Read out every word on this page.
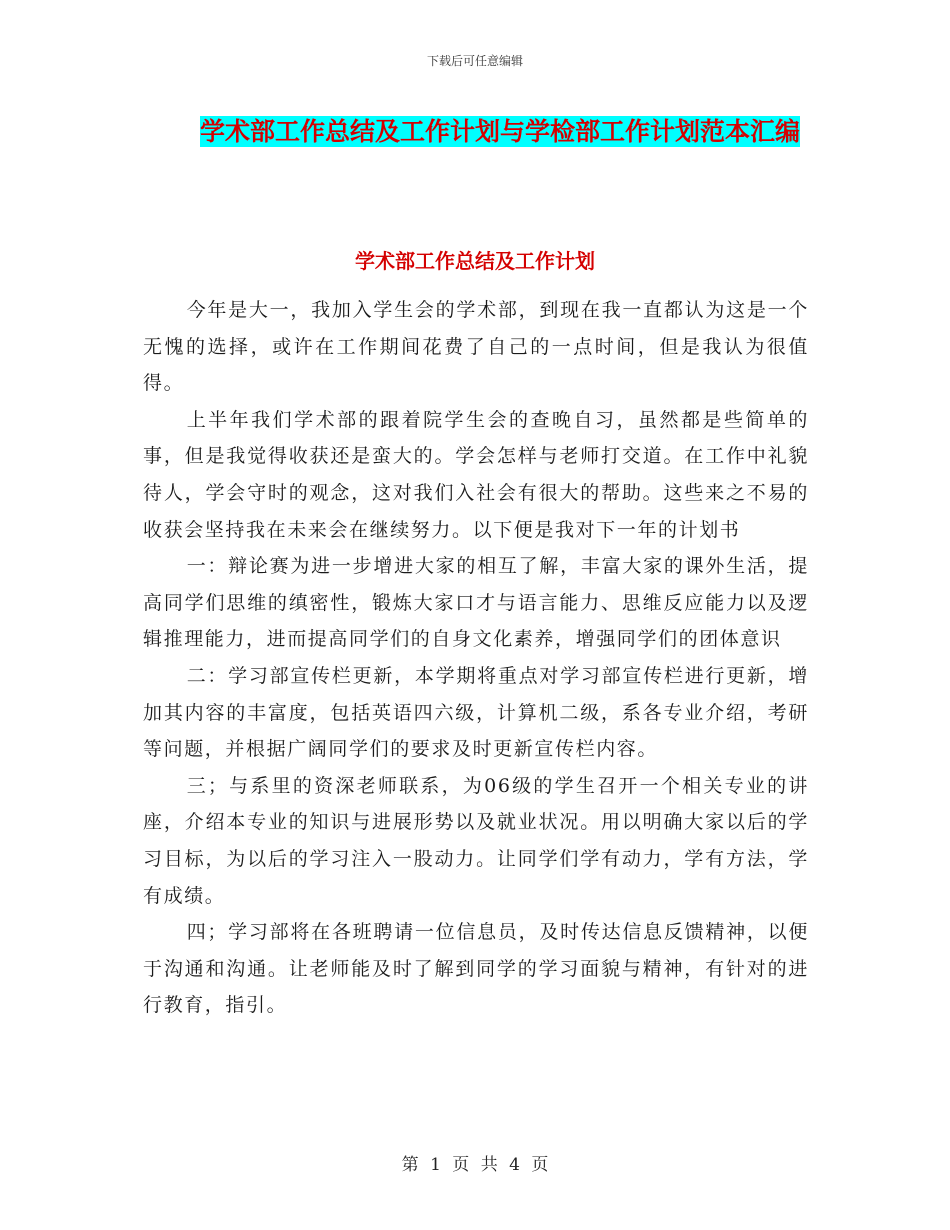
下载后可任意编辑
学术部工作总结及工作计划与学检部工作计划范本汇编
学术部工作总结及工作计划

今年是大一，我加入学生会的学术部，到现在我一直都认为这是一个无愧的选择，或许在工作期间花费了自己的一点时间，但是我认为很值得。

上半年我们学术部的跟着院学生会的查晚自习，虽然都是些简单的事，但是我觉得收获还是蛮大的。学会怎样与老师打交道。在工作中礼貌待人，学会守时的观念，这对我们入社会有很大的帮助。这些来之不易的收获会坚持我在未来会在继续努力。以下便是我对下一年的计划书

一：辩论赛为进一步增进大家的相互了解，丰富大家的课外生活，提高同学们思维的缜密性，锻炼大家口才与语言能力、思维反应能力以及逻辑推理能力，进而提高同学们的自身文化素养，增强同学们的团体意识

二：学习部宣传栏更新，本学期将重点对学习部宣传栏进行更新，增加其内容的丰富度，包括英语四六级，计算机二级，系各专业介绍，考研等问题，并根据广阔同学们的要求及时更新宣传栏内容。

三；与系里的资深老师联系，为06级的学生召开一个相关专业的讲座，介绍本专业的知识与进展形势以及就业状况。用以明确大家以后的学习目标，为以后的学习注入一股动力。让同学们学有动力，学有方法，学有成绩。

四；学习部将在各班聘请一位信息员，及时传达信息反馈精神，以便于沟通和沟通。让老师能及时了解到同学的学习面貌与精神，有针对的进行教育，指引。

第 1 页 共 4 页
